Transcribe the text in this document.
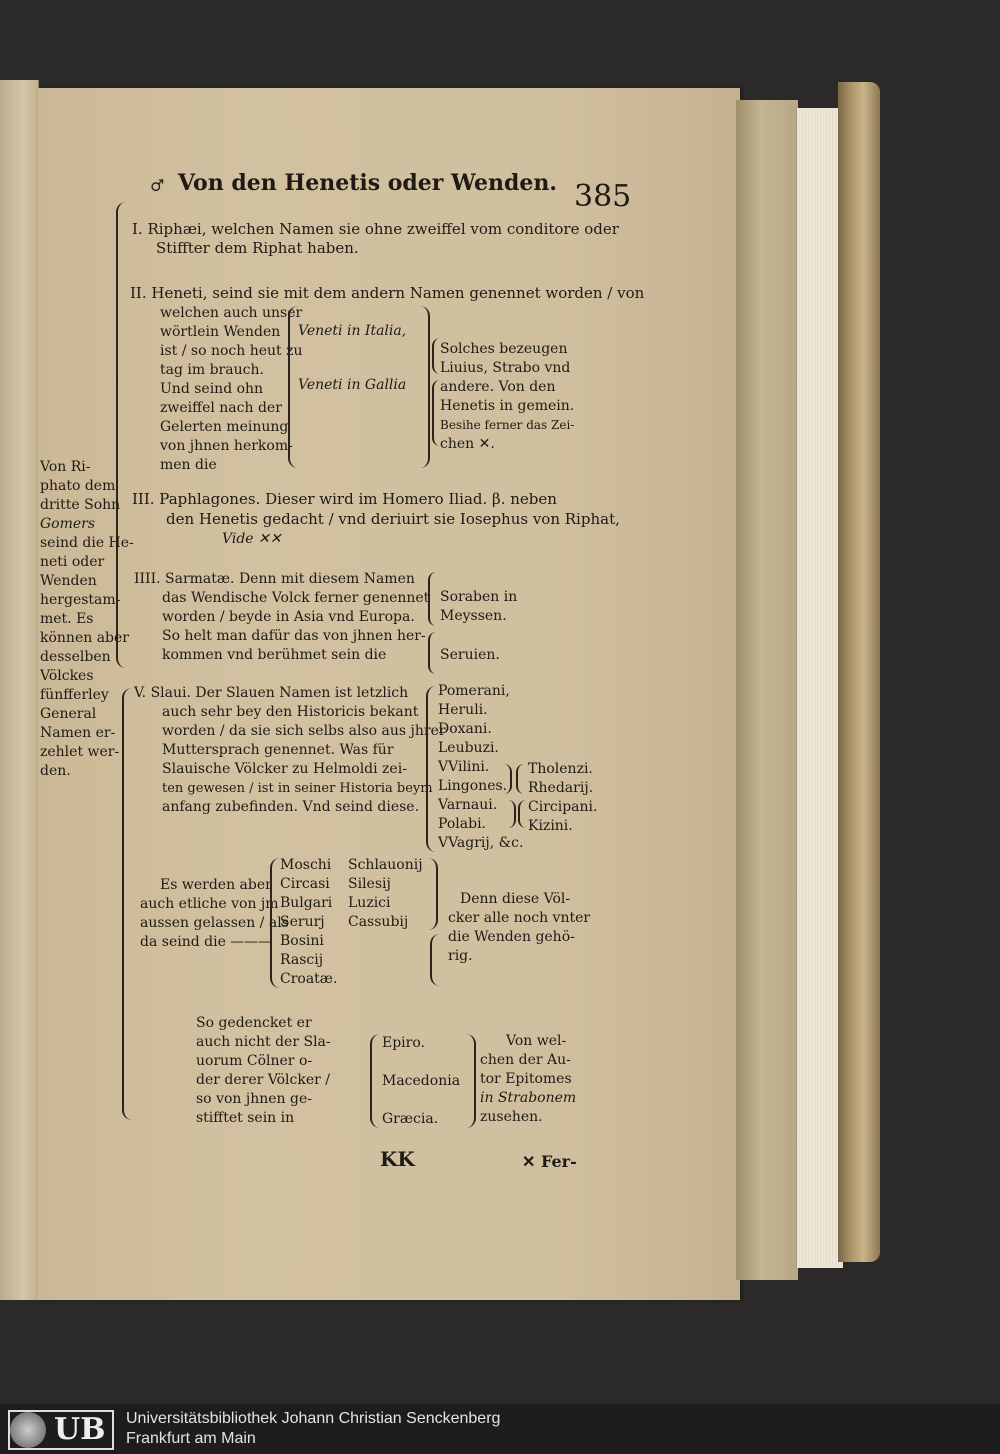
♂ Von den Henetis oder Wenden. 385
Von Ri-
phato dem
dritte Sohn
Gomers
seind die He-
neti oder
Wenden
hergestam-
met. Es
können aber
desselben
Völckes
fünfferley
General
Namen er-
zehlet wer-
den.
I. Riphæi, welchen Namen sie ohne zweiffel vom conditore oder
Stiffter dem Riphat haben.
II. Heneti, seind sie mit dem andern Namen genennet worden / von
welchen auch unser
wörtlein Wenden
ist / so noch heut zu
tag im brauch.
Und seind ohn
zweiffel nach der
Gelerten meinung
von jhnen herkom-
men die
Veneti in Italia,
Veneti in Gallia
Solches bezeugen
Liuius, Strabo vnd
andere. Von den
Henetis in gemein.
Besihe ferner das Zei-
chen ✕.
III. Paphlagones. Dieser wird im Homero Iliad. β. neben
den Henetis gedacht / vnd deriuirt sie Iosephus von Riphat,
Vide ✕✕
IIII. Sarmatæ. Denn mit diesem Namen
das Wendische Volck ferner genennet
worden / beyde in Asia vnd Europa.
So helt man dafür das von jhnen her-
kommen vnd berühmet sein die
Soraben in
Meyssen.
Seruien.
V. Slaui. Der Slauen Namen ist letzlich
auch sehr bey den Historicis bekant
worden / da sie sich selbs also aus jhrer
Muttersprach genennet. Was für
Slauische Völcker zu Helmoldi zei-
ten gewesen / ist in seiner Historia beym
anfang zubefinden. Vnd seind diese.
Pomerani,
Heruli.
Doxani.
Leubuzi.
VVilini.
Lingones.
Varnaui.
Polabi.
VVagrij, &c.
Tholenzi.
Rhedarij.
Circipani.
Kizini.
Es werden aber
auch etliche von jm
aussen gelassen / als
da seind die ———
Moschi
Circasi
Bulgari
Serurj
Bosini
Rascij
Croatæ.
Schlauonij
Silesij
Luzici
Cassubij
Denn diese Völ-
cker alle noch vnter
die Wenden gehö-
rig.
So gedencket er
auch nicht der Sla-
uorum Cölner o-
der derer Völcker /
so von jhnen ge-
stifftet sein in
Epiro.
Macedonia
Græcia.
Von wel-
chen der Au-
tor Epitomes
in Strabonem
zusehen.
KK	✕ Fer-
UB Universitätsbibliothek Johann Christian Senckenberg
Frankfurt am Main
